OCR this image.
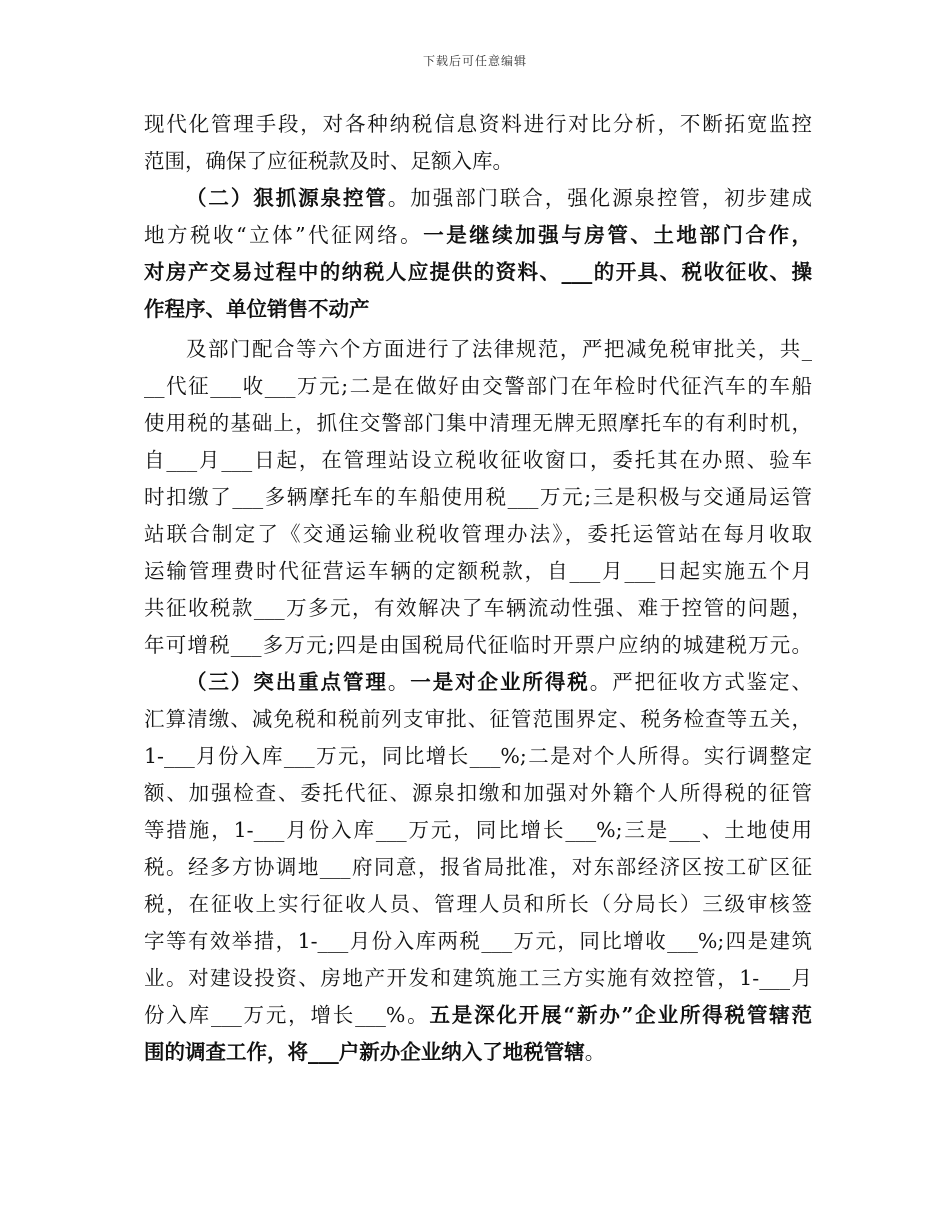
下载后可任意编辑
现代化管理手段，对各种纳税信息资料进行对比分析，不断拓宽监控
范围，确保了应征税款及时、足额入库。
（二）狠抓源泉控管。加强部门联合，强化源泉控管，初步建成
地方税收“立体”代征网络。一是继续加强与房管、土地部门合作，
对房产交易过程中的纳税人应提供的资料、___的开具、税收征收、操
作程序、单位销售不动产
及部门配合等六个方面进行了法律规范，严把减免税审批关，共_
__代征___收___万元;二是在做好由交警部门在年检时代征汽车的车船
使用税的基础上，抓住交警部门集中清理无牌无照摩托车的有利时机，
自___月___日起，在管理站设立税收征收窗口，委托其在办照、验车
时扣缴了___多辆摩托车的车船使用税___万元;三是积极与交通局运管
站联合制定了《交通运输业税收管理办法》，委托运管站在每月收取
运输管理费时代征营运车辆的定额税款，自___月___日起实施五个月
共征收税款___万多元，有效解决了车辆流动性强、难于控管的问题，
年可增税___多万元;四是由国税局代征临时开票户应纳的城建税万元。
（三）突出重点管理。一是对企业所得税。严把征收方式鉴定、
汇算清缴、减免税和税前列支审批、征管范围界定、税务检查等五关，
1-___月份入库___万元，同比增长___%;二是对个人所得。实行调整定
额、加强检查、委托代征、源泉扣缴和加强对外籍个人所得税的征管
等措施，1-___月份入库___万元，同比增长___%;三是___、土地使用
税。经多方协调地___府同意，报省局批准，对东部经济区按工矿区征
税，在征收上实行征收人员、管理人员和所长（分局长）三级审核签
字等有效举措，1-___月份入库两税___万元，同比增收___%;四是建筑
业。对建设投资、房地产开发和建筑施工三方实施有效控管，1-___月
份入库___万元，增长___%。五是深化开展“新办”企业所得税管辖范
围的调查工作，将___户新办企业纳入了地税管辖。
